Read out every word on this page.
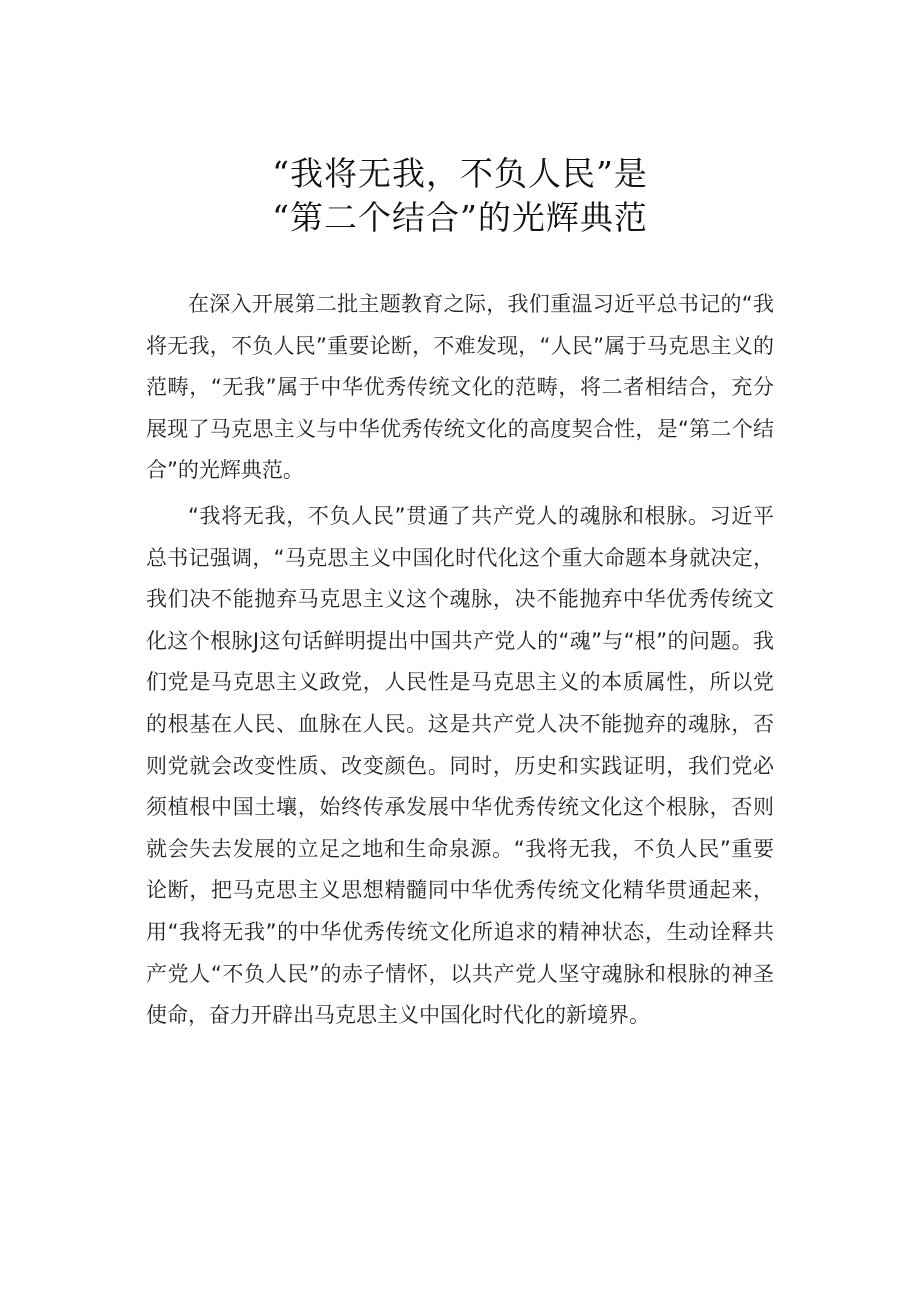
“我将无我，不负人民”是
“第二个结合”的光辉典范

在深入开展第二批主题教育之际，我们重温习近平总书记的“我将无我，不负人民”重要论断，不难发现，“人民”属于马克思主义的范畴，“无我”属于中华优秀传统文化的范畴，将二者相结合，充分展现了马克思主义与中华优秀传统文化的高度契合性，是“第二个结合”的光辉典范。

“我将无我，不负人民”贯通了共产党人的魂脉和根脉。习近平总书记强调，“马克思主义中国化时代化这个重大命题本身就决定，我们决不能抛弃马克思主义这个魂脉，决不能抛弃中华优秀传统文化这个根脉J这句话鲜明提出中国共产党人的“魂”与“根”的问题。我们党是马克思主义政党，人民性是马克思主义的本质属性，所以党的根基在人民、血脉在人民。这是共产党人决不能抛弃的魂脉，否则党就会改变性质、改变颜色。同时，历史和实践证明，我们党必须植根中国土壤，始终传承发展中华优秀传统文化这个根脉，否则就会失去发展的立足之地和生命泉源。“我将无我，不负人民”重要论断，把马克思主义思想精髓同中华优秀传统文化精华贯通起来，用“我将无我”的中华优秀传统文化所追求的精神状态，生动诠释共产党人“不负人民”的赤子情怀，以共产党人坚守魂脉和根脉的神圣使命，奋力开辟出马克思主义中国化时代化的新境界。
